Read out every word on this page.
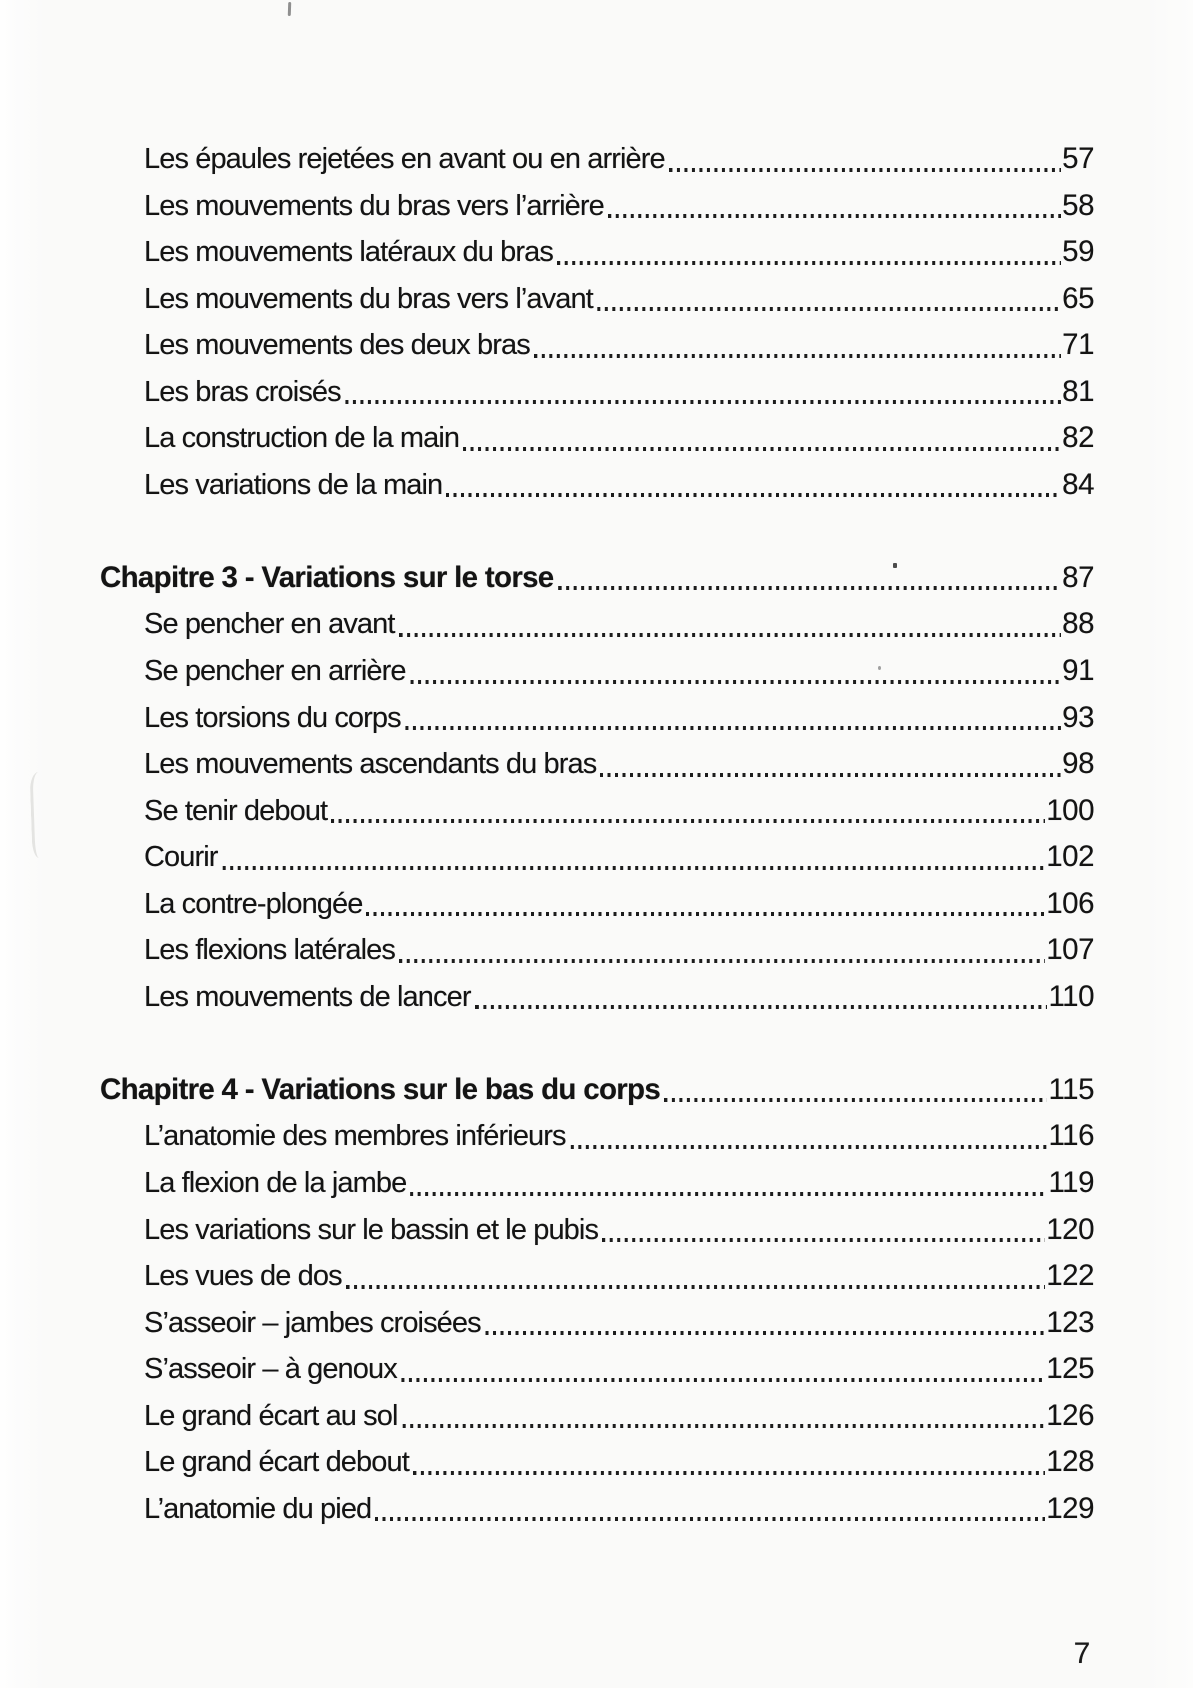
Les épaules rejetées en avant ou en arrière	57
Les mouvements du bras vers l’arrière	58
Les mouvements latéraux du bras	59
Les mouvements du bras vers l’avant	65
Les mouvements des deux bras	71
Les bras croisés	81
La construction de la main	82
Les variations de la main	84
Chapitre 3 - Variations sur le torse	87
Se pencher en avant	88
Se pencher en arrière	91
Les torsions du corps	93
Les mouvements ascendants du bras	98
Se tenir debout	100
Courir	102
La contre-plongée	106
Les flexions latérales	107
Les mouvements de lancer	110
Chapitre 4 - Variations sur le bas du corps	115
L’anatomie des membres inférieurs	116
La flexion de la jambe	119
Les variations sur le bassin et le pubis	120
Les vues de dos	122
S’asseoir – jambes croisées	123
S’asseoir – à genoux	125
Le grand écart au sol	126
Le grand écart debout	128
L’anatomie du pied	129
7
